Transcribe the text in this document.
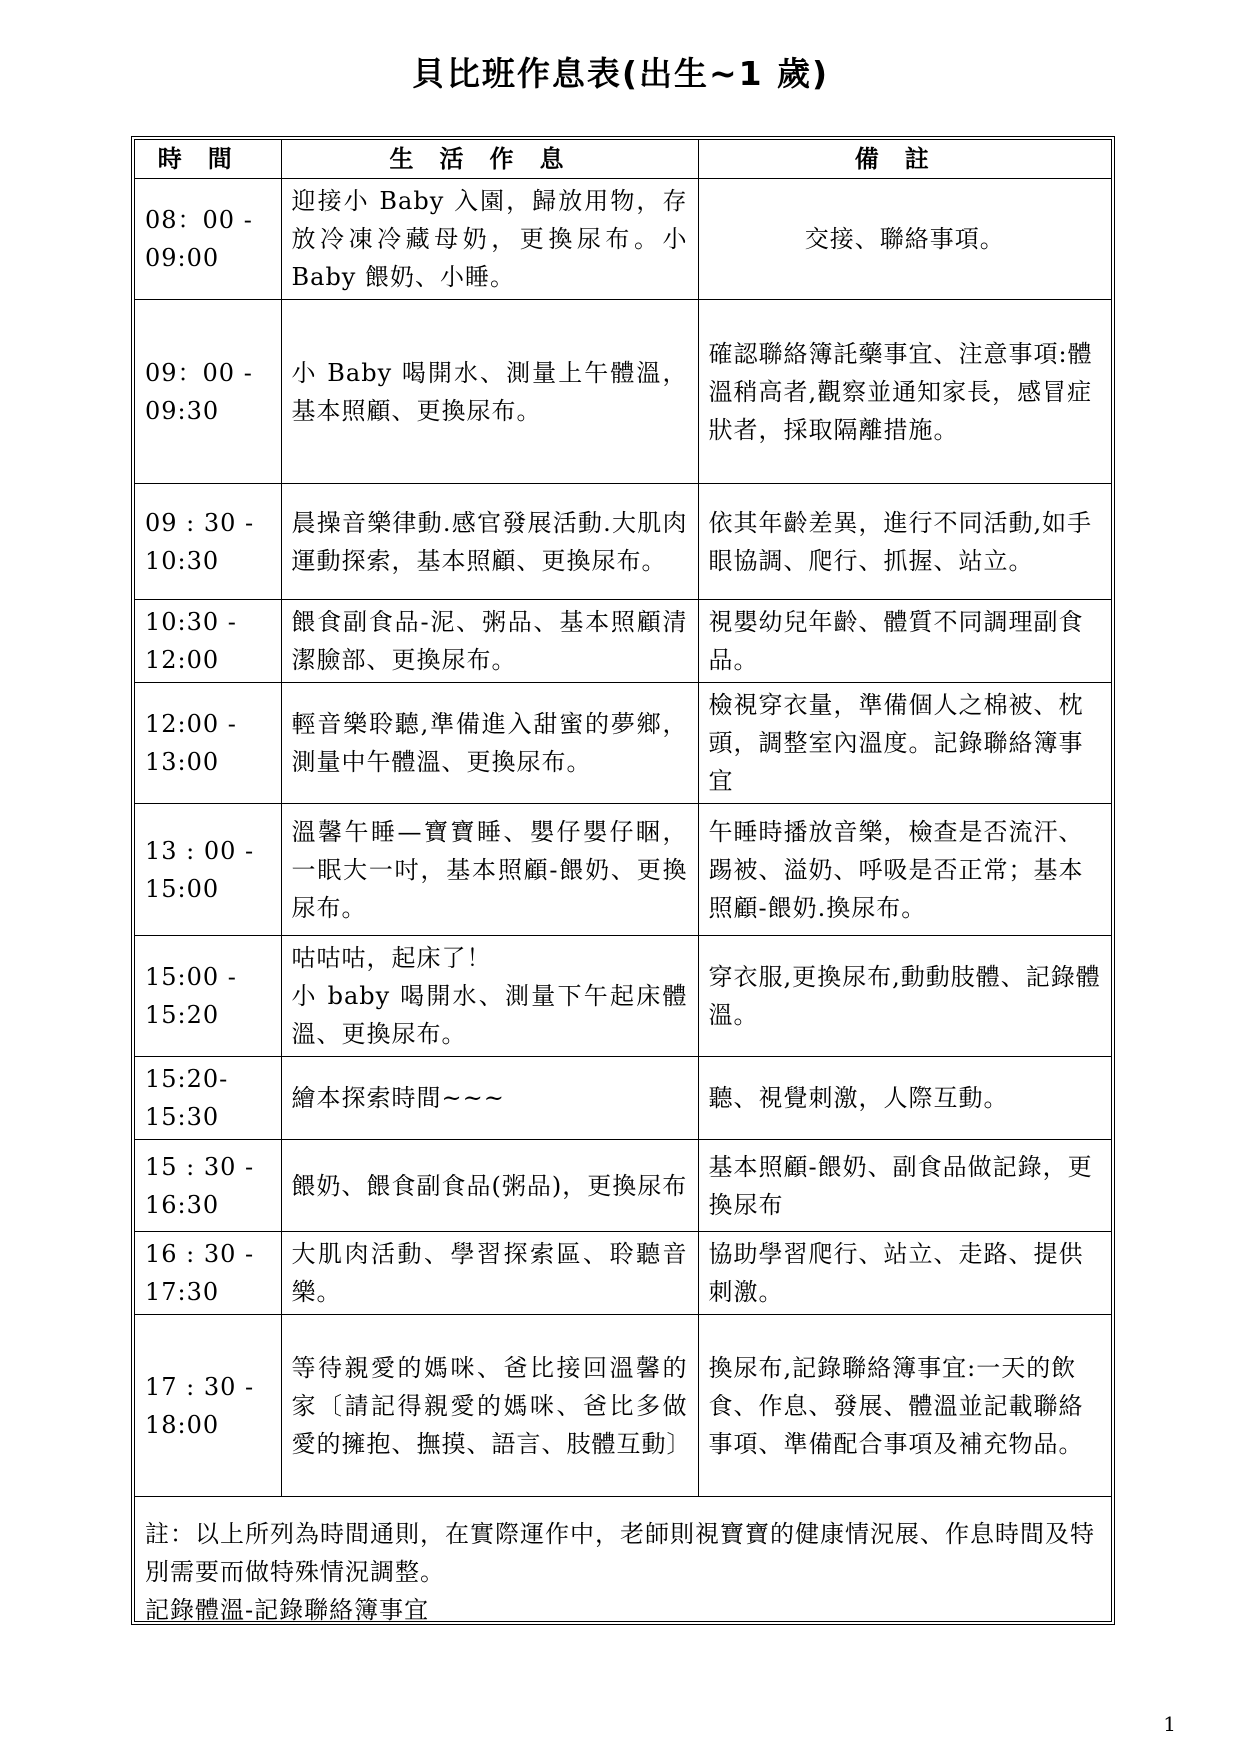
貝比班作息表(出生~1 歲)
時間	生活作息	備註
08：00 -
09:00	迎接小 Baby 入園，歸放用物，存放冷凍冷藏母奶，更換尿布。小 Baby 餵奶、小睡。	交接、聯絡事項。
09：00 -
09:30	小 Baby 喝開水、測量上午體溫，基本照顧、更換尿布。	確認聯絡簿託藥事宜、注意事項:體溫稍高者,觀察並通知家長，感冒症狀者，採取隔離措施。
09 : 30 -
10:30	晨操音樂律動.感官發展活動.大肌肉運動探索，基本照顧、更換尿布。	依其年齡差異，進行不同活動,如手眼協調、爬行、抓握、站立。
10:30 -
12:00	餵食副食品-泥、粥品、基本照顧清潔臉部、更換尿布。	視嬰幼兒年齡、體質不同調理副食品。
12:00 -
13:00	輕音樂聆聽,準備進入甜蜜的夢鄉，測量中午體溫、更換尿布。	檢視穿衣量，準備個人之棉被、枕頭，調整室內溫度。記錄聯絡簿事宜
13 : 00 -
15:00	溫馨午睡—寶寶睡、嬰仔嬰仔睏，一眠大一吋，基本照顧-餵奶、更換尿布。	午睡時播放音樂，檢查是否流汗、踢被、溢奶、呼吸是否正常；基本照顧-餵奶.換尿布。
15:00 -
15:20	咕咕咕，起床了！
小 baby 喝開水、測量下午起床體溫、更換尿布。	穿衣服,更換尿布,動動肢體、記錄體溫。
15:20-
15:30	繪本探索時間~~~	聽、視覺刺激，人際互動。
15 : 30 -
16:30	餵奶、餵食副食品(粥品)，更換尿布	基本照顧-餵奶、副食品做記錄，更換尿布
16 : 30 -
17:30	大肌肉活動、學習探索區、聆聽音樂。	協助學習爬行、站立、走路、提供刺激。
17 : 30 -
18:00	等待親愛的媽咪、爸比接回溫馨的家〔請記得親愛的媽咪、爸比多做愛的擁抱、撫摸、語言、肢體互動〕	換尿布,記錄聯絡簿事宜:一天的飲食、作息、發展、體溫並記載聯絡事項、準備配合事項及補充物品。

註：以上所列為時間通則，在實際運作中，老師則視寶寶的健康情況展、作息時間及特別需要而做特殊情況調整。
記錄體溫-記錄聯絡簿事宜		
1
